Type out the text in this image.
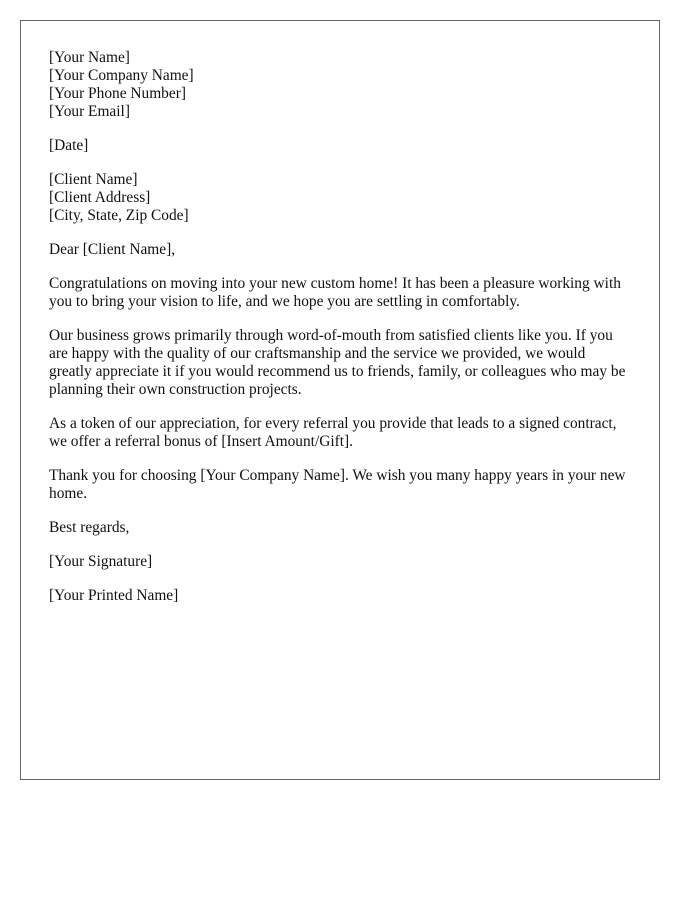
[Your Name]
[Your Company Name]
[Your Phone Number]
[Your Email]
[Date]
[Client Name]
[Client Address]
[City, State, Zip Code]

Dear [Client Name],

Congratulations on moving into your new custom home! It has been a pleasure working with you to bring your vision to life, and we hope you are settling in comfortably.

Our business grows primarily through word-of-mouth from satisfied clients like you. If you are happy with the quality of our craftsmanship and the service we provided, we would greatly appreciate it if you would recommend us to friends, family, or colleagues who may be planning their own construction projects.

As a token of our appreciation, for every referral you provide that leads to a signed contract, we offer a referral bonus of [Insert Amount/Gift].

Thank you for choosing [Your Company Name]. We wish you many happy years in your new home.

Best regards,

[Your Signature]

[Your Printed Name]
